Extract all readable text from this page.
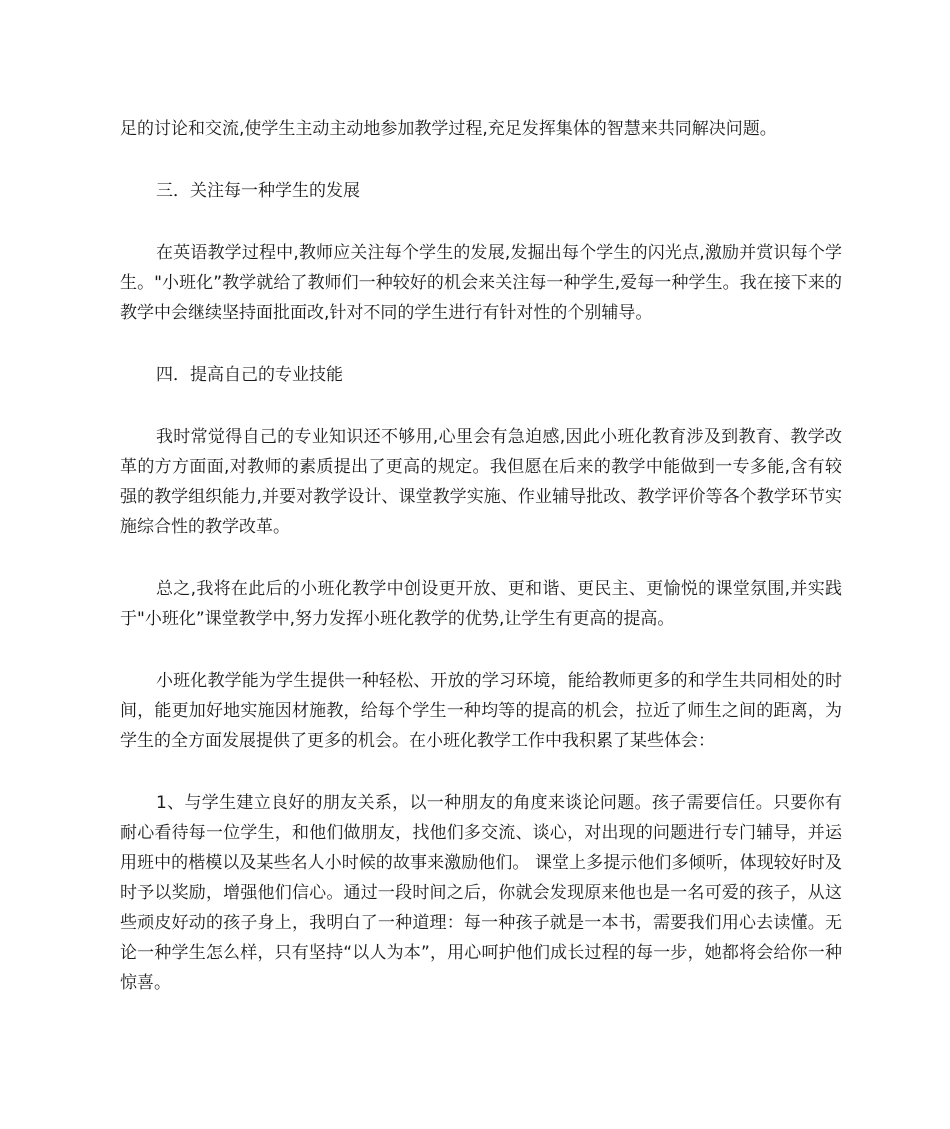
足的讨论和交流,使学生主动主动地参加教学过程,充足发挥集体的智慧来共同解决问题。

三．关注每一种学生的发展

在英语教学过程中,教师应关注每个学生的发展,发掘出每个学生的闪光点,激励并赏识每个学生。"小班化”教学就给了教师们一种较好的机会来关注每一种学生,爱每一种学生。我在接下来的教学中会继续坚持面批面改,针对不同的学生进行有针对性的个别辅导。

四．提高自己的专业技能

我时常觉得自己的专业知识还不够用,心里会有急迫感,因此小班化教育涉及到教育、教学改革的方方面面,对教师的素质提出了更高的规定。我但愿在后来的教学中能做到一专多能,含有较强的教学组织能力,并要对教学设计、课堂教学实施、作业辅导批改、教学评价等各个教学环节实施综合性的教学改革。

总之,我将在此后的小班化教学中创设更开放、更和谐、更民主、更愉悦的课堂氛围,并实践于"小班化”课堂教学中,努力发挥小班化教学的优势,让学生有更高的提高。

小班化教学能为学生提供一种轻松、开放的学习环境，能给教师更多的和学生共同相处的时间，能更加好地实施因材施教，给每个学生一种均等的提高的机会，拉近了师生之间的距离，为学生的全方面发展提供了更多的机会。在小班化教学工作中我积累了某些体会：

1、与学生建立良好的朋友关系，以一种朋友的角度来谈论问题。孩子需要信任。只要你有耐心看待每一位学生，和他们做朋友，找他们多交流、谈心，对出现的问题进行专门辅导，并运用班中的楷模以及某些名人小时候的故事来激励他们。 课堂上多提示他们多倾听，体现较好时及时予以奖励，增强他们信心。通过一段时间之后，你就会发现原来他也是一名可爱的孩子，从这些顽皮好动的孩子身上，我明白了一种道理：每一种孩子就是一本书，需要我们用心去读懂。无论一种学生怎么样，只有坚持“以人为本”，用心呵护他们成长过程的每一步，她都将会给你一种惊喜。
